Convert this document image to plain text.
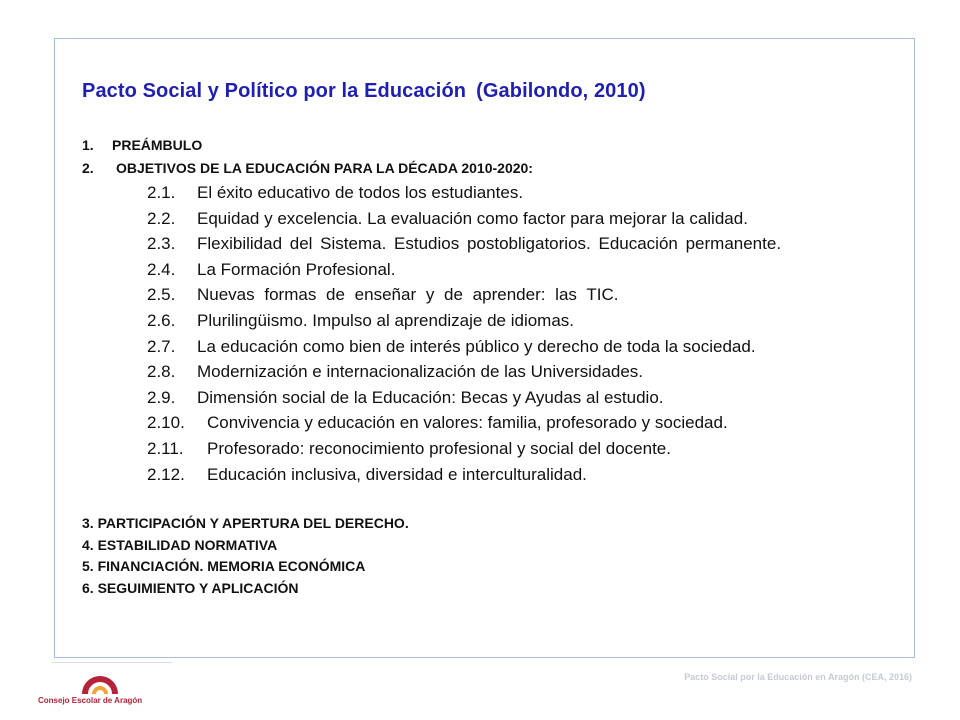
Pacto Social y Político por la Educación (Gabilondo, 2010)
1. PREÁMBULO
2. OBJETIVOS DE LA EDUCACIÓN PARA LA DÉCADA 2010-2020:
2.1. El éxito educativo de todos los estudiantes.
2.2. Equidad y excelencia. La evaluación como factor para mejorar la calidad.
2.3. Flexibilidad del Sistema. Estudios postobligatorios. Educación permanente.
2.4. La Formación Profesional.
2.5. Nuevas formas de enseñar y de aprender: las TIC.
2.6. Plurilingüismo. Impulso al aprendizaje de idiomas.
2.7. La educación como bien de interés público y derecho de toda la sociedad.
2.8. Modernización e internacionalización de las Universidades.
2.9. Dimensión social de la Educación: Becas y Ayudas al estudio.
2.10. Convivencia y educación en valores: familia, profesorado y sociedad.
2.11. Profesorado: reconocimiento profesional y social del docente.
2.12. Educación inclusiva, diversidad e interculturalidad.
3. PARTICIPACIÓN Y APERTURA DEL DERECHO.
4. ESTABILIDAD NORMATIVA
5. FINANCIACIÓN. MEMORIA ECONÓMICA
6. SEGUIMIENTO Y APLICACIÓN
Consejo Escolar de Aragón
Pacto Social por la Educación en Aragón (CEA, 2016)
